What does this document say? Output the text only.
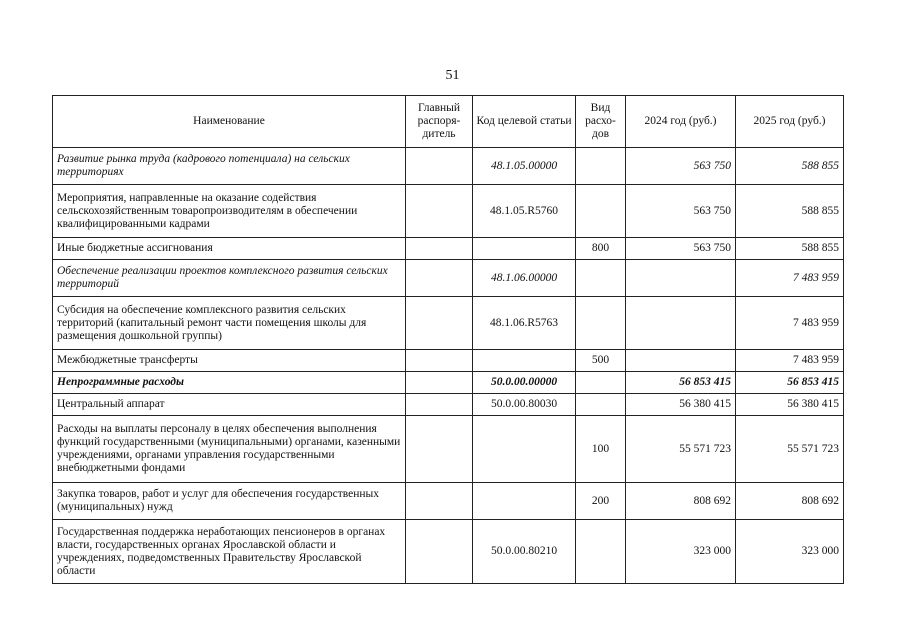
51
Наименование	Главный распоря-дитель	Код целевой статьи	Вид расхо-дов	2024 год (руб.)	2025 год (руб.)
Развитие рынка труда (кадрового потенциала) на сельских территориях		48.1.05.00000		563 750	588 855
Мероприятия, направленные на оказание содействия сельскохозяйственным товаропроизводителям в обеспечении квалифицированными кадрами		48.1.05.R5760		563 750	588 855
Иные бюджетные ассигнования			800	563 750	588 855
Обеспечение реализации проектов комплексного развития сельских территорий		48.1.06.00000			7 483 959
Субсидия на обеспечение комплексного развития сельских территорий (капитальный ремонт части помещения школы для размещения дошкольной группы)		48.1.06.R5763			7 483 959
Межбюджетные трансферты			500		7 483 959
Непрограммные расходы		50.0.00.00000		56 853 415	56 853 415
Центральный аппарат		50.0.00.80030		56 380 415	56 380 415
Расходы на выплаты персоналу в целях обеспечения выполнения функций государственными (муниципальными) органами, казенными учреждениями, органами управления государственными внебюджетными фондами			100	55 571 723	55 571 723
Закупка товаров, работ и услуг для обеспечения государственных (муниципальных) нужд			200	808 692	808 692
Государственная поддержка неработающих пенсионеров в органах власти, государственных органах Ярославской области и учреждениях, подведомственных Правительству Ярославской области		50.0.00.80210		323 000	323 000
